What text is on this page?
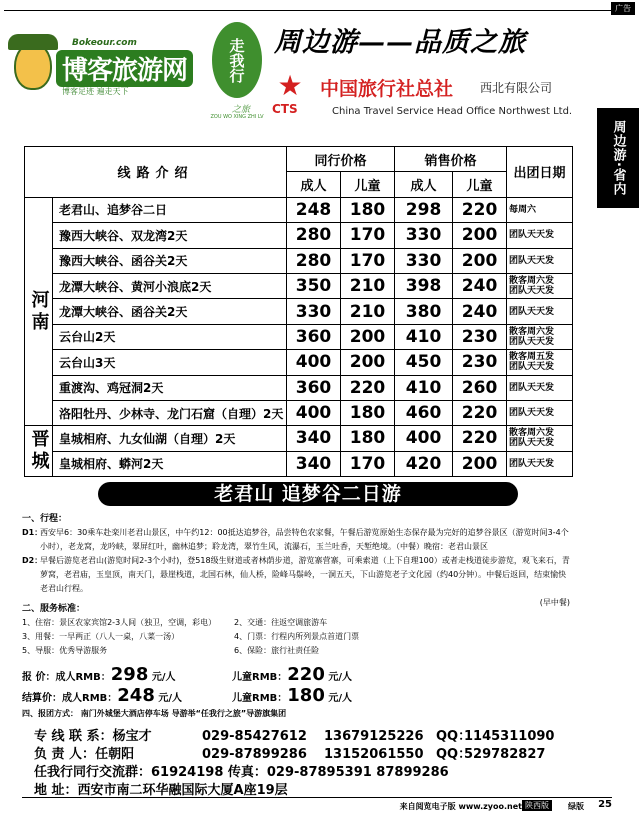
广告
Bokeour.com
博客旅游网
博客足迹 遍走天下
走我行
之旅
ZOU WO XING ZHI LV
周边游——品质之旅
★
CTS
中国旅行社总社 西北有限公司
China Travel Service Head Office Northwest Ltd.
周边游·省内
线路介绍		同行价格		销售价格		出团日期
		成人	儿童	成人	儿童	
河南	老君山、追梦谷二日	248	180	298	220	每周六

	豫西大峡谷、双龙湾2天	280	170	330	200	团队天天发

	豫西大峡谷、函谷关2天	280	170	330	200	团队天天发

	龙潭大峡谷、黄河小浪底2天	350	210	398	240	散客周六发
团队天天发

	龙潭大峡谷、函谷关2天	330	210	380	240	团队天天发

	云台山2天	360	200	410	230	散客周六发
团队天天发

	云台山3天	400	200	450	230	散客周五发
团队天天发

	重渡沟、鸡冠洞2天	360	220	410	260	团队天天发

	洛阳牡丹、少林寺、龙门石窟（自理）2天	400	180	460	220	团队天天发

晋城	皇城相府、九女仙湖（自理）2天	340	180	400	220	散客周六发
团队天天发

	皇城相府、蟒河2天	340	170	420	200	团队天天发
老君山 追梦谷二日游
一、行程：
D1：
西安早6：30乘车赴栾川老君山景区，中午约12：00抵达追梦谷，品尝特色农家餐，午餐后游览原始生态保存最为完好的追梦谷景区（游览时间3-4个小时），老龙窝，龙吟峡，翠屏红叶，幽林追梦；聆龙湾，翠竹生风，流瀑石，玉兰吐香，天堑绝境。（中餐）晚宿：老君山景区
D2：
早餐后游览老君山(游览时间2-3个小时)，登518级生财道或者林荫步道，游览寨营寨，可乘索道（上下自理100）或者走栈道徒步游览，观飞来石，青萝窝，老君庙，玉皇顶，南天门，悬崖栈道，北国石林，仙人桥，险峰马鬃岭，一洞五天，下山游览老子文化园（约40分钟）。中餐后返回，结束愉快老君山行程。
(早中餐)
二、服务标准：
1、住宿：景区农家宾馆2-3人间（独卫，空调，彩电）	2、交通：往返空调旅游车
3、用餐：一早两正（八人一桌，八菜一汤）	4、门票：行程内所列景点首道门票
5、导服：优秀导游服务	6、保险：旅行社责任险
报 价：成人RMB：298 元/人	儿童RMB：220 元/人
结算价：成人RMB：248 元/人	儿童RMB：180 元/人
四、报团方式： 南门外城堡大酒店停车场 导游举“任我行之旅”导游旗集团
专 线 联 系：杨宝才	029-85427612 13679125226 QQ：
1145311090
负 责 人：任朝阳	029-87899286 13152061550 QQ：
529782827
任我行同行交流群：61924198 传真：029-87895391 87899286
地 址：西安市南二环华融国际大厦A座19层
来自阅览电子版 www.zyoo.net 陕西版	绿版 25
